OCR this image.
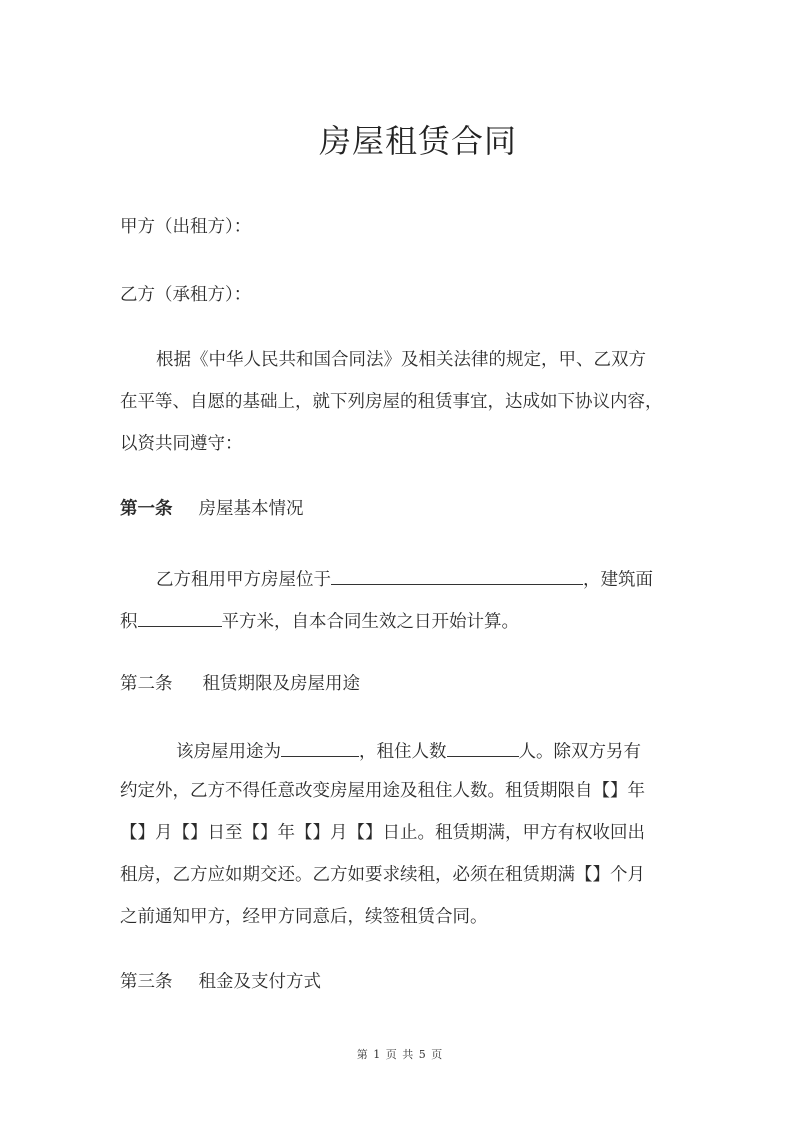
房屋租赁合同
甲方（出租方）：
乙方（承租方）：
根据《中华人民共和国合同法》及相关法律的规定，甲、乙双方
在平等、自愿的基础上，就下列房屋的租赁事宜，达成如下协议内容，
以资共同遵守：
第一条 房屋基本情况
乙方租用甲方房屋位于	，建筑面
积	平方米，自本合同生效之日开始计算。
第二条 租赁期限及房屋用途
该房屋用途为	，租住人数	人。除双方另有
约定外，乙方不得任意改变房屋用途及租住人数。租赁期限自【】年
【】月【】日至【】年【】月【】日止。租赁期满，甲方有权收回出
租房，乙方应如期交还。乙方如要求续租，必须在租赁期满【】个月
之前通知甲方，经甲方同意后，续签租赁合同。
第三条 租金及支付方式
第 1 页 共 5 页
